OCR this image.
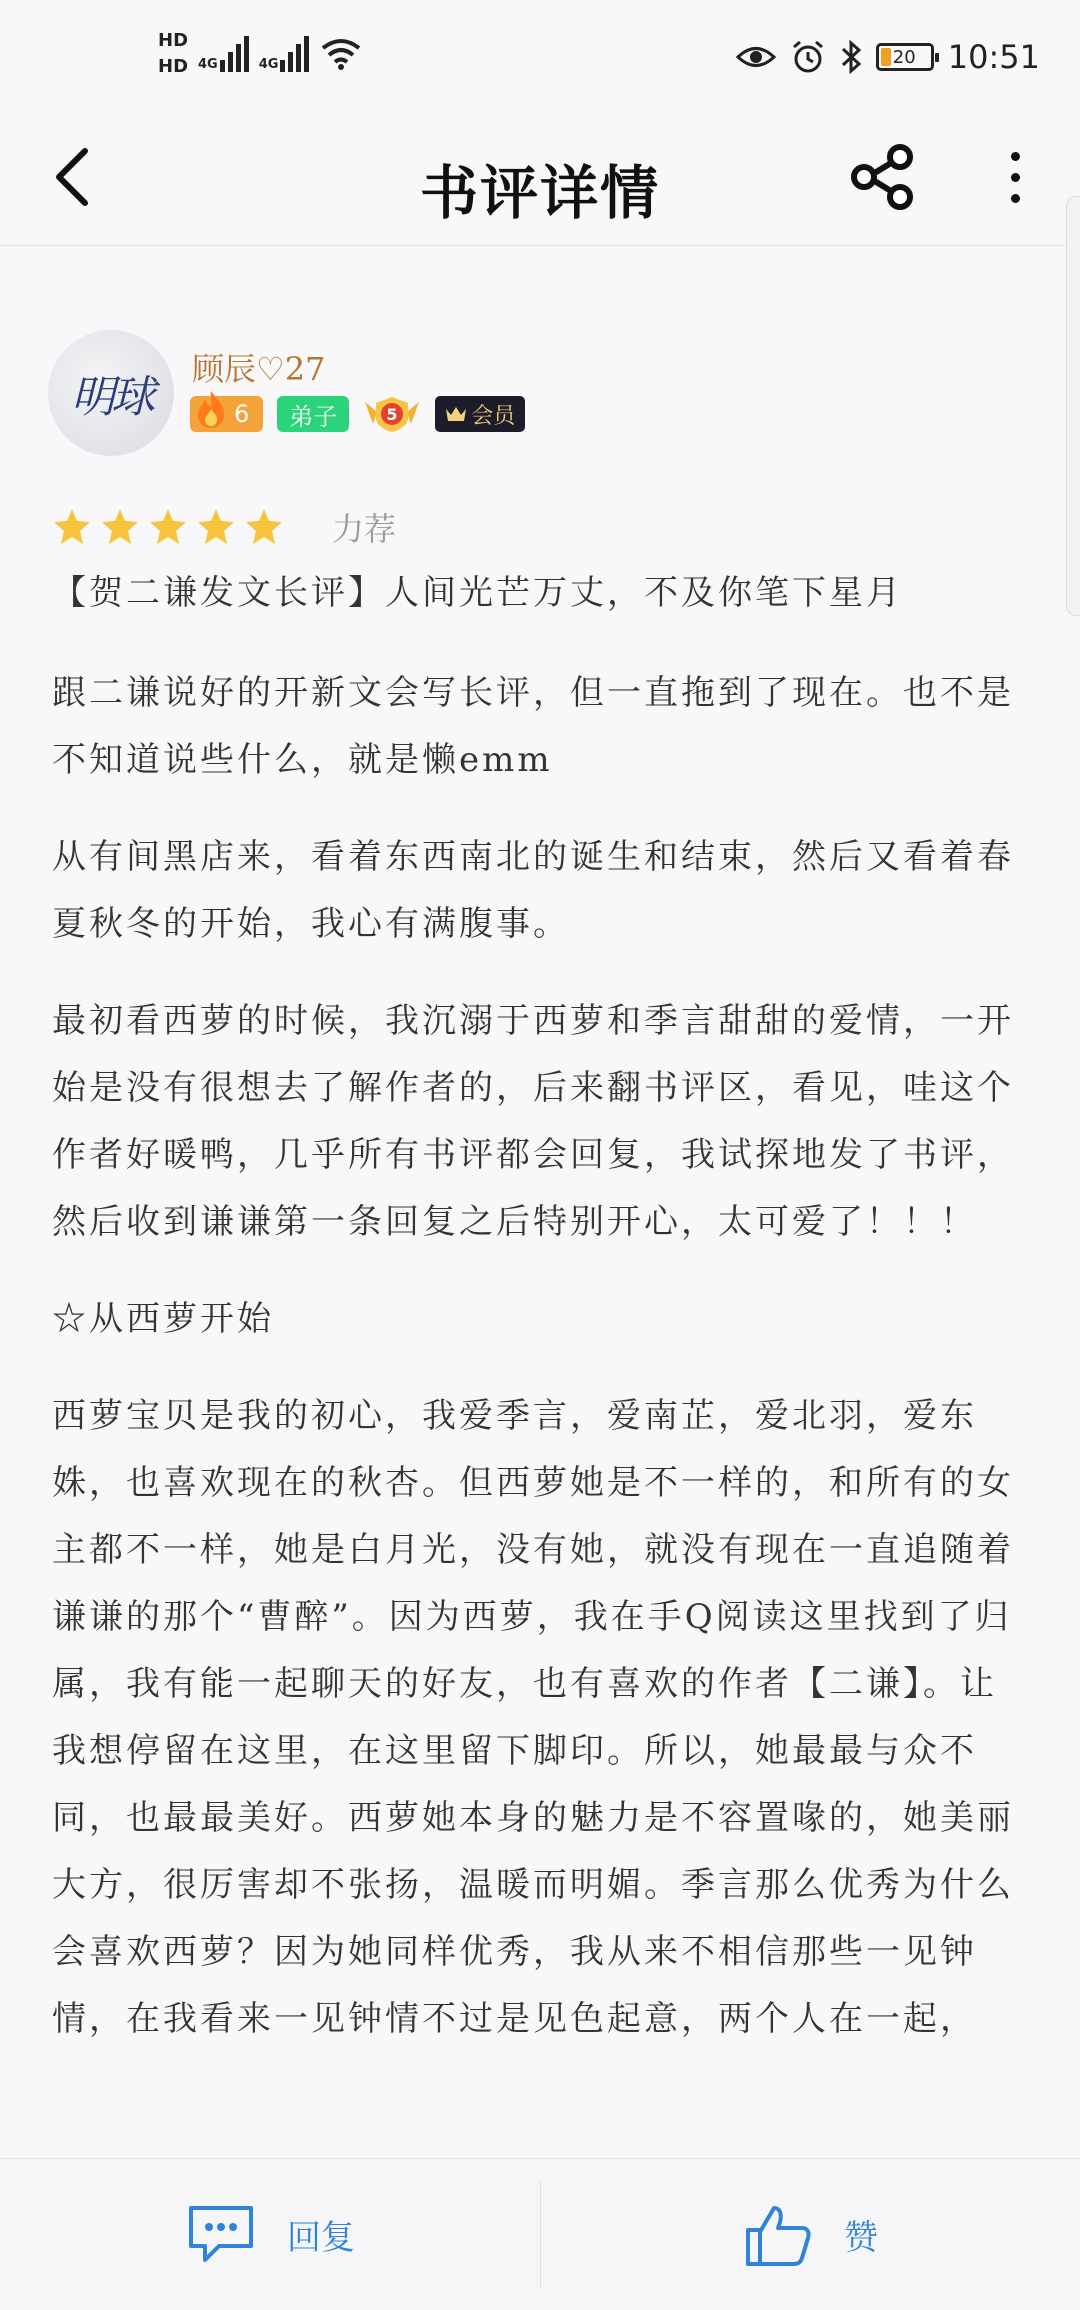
HD
HD 4G	4G	20 10:51
书评详情
明球
顾辰♡27
6	弟子	5	会员
力荐
【贺二谦发文长评】人间光芒万丈，不及你笔下星月

跟二谦说好的开新文会写长评，但一直拖到了现在。也不是不知道说些什么，就是懒emm

从有间黑店来，看着东西南北的诞生和结束，然后又看着春夏秋冬的开始，我心有满腹事。

最初看西萝的时候，我沉溺于西萝和季言甜甜的爱情，一开始是没有很想去了解作者的，后来翻书评区，看见，哇这个作者好暖鸭，几乎所有书评都会回复，我试探地发了书评，然后收到谦谦第一条回复之后特别开心，太可爱了！！！

☆从西萝开始

西萝宝贝是我的初心，我爱季言，爱南芷，爱北羽，爱东姝，也喜欢现在的秋杏。但西萝她是不一样的，和所有的女主都不一样，她是白月光，没有她，就没有现在一直追随着谦谦的那个“曹醉”。因为西萝，我在手Q阅读这里找到了归属，我有能一起聊天的好友，也有喜欢的作者【二谦】。让我想停留在这里，在这里留下脚印。所以，她最最与众不同，也最最美好。西萝她本身的魅力是不容置喙的，她美丽大方，很厉害却不张扬，温暖而明媚。季言那么优秀为什么会喜欢西萝？因为她同样优秀，我从来不相信那些一见钟情，在我看来一见钟情不过是见色起意，两个人在一起，

回复	赞
